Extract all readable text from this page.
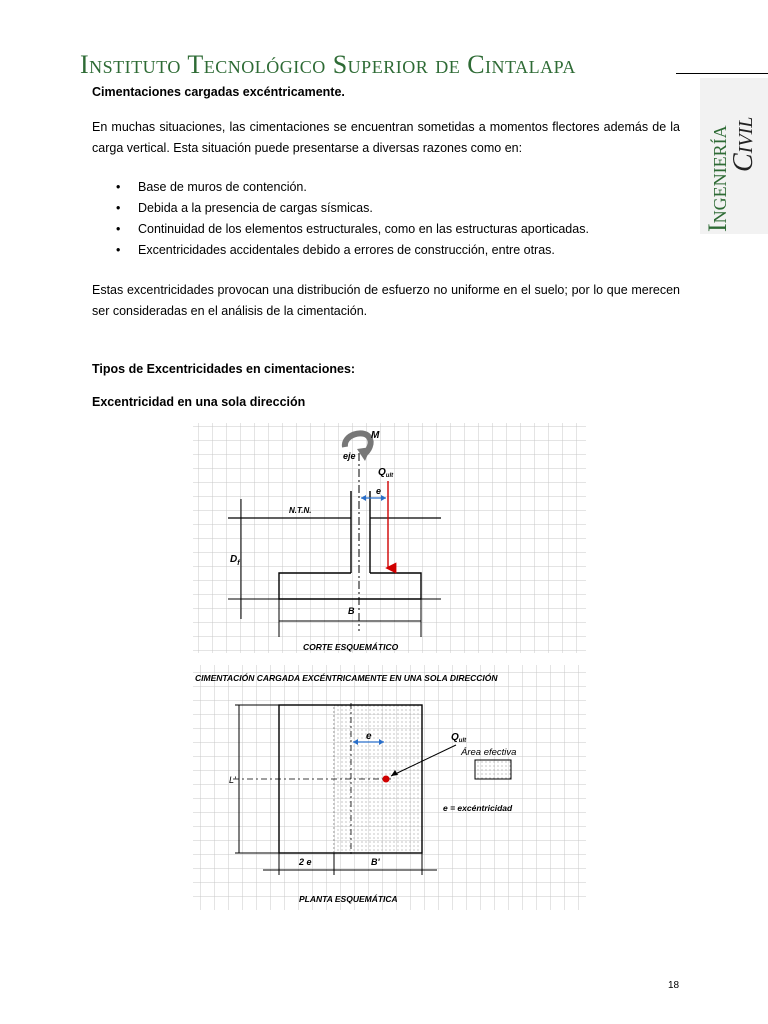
Instituto Tecnológico Superior de Cintalapa
Ingeniería
Civil
Cimentaciones cargadas excéntricamente.
En muchas situaciones, las cimentaciones se encuentran sometidas a momentos flectores además de la carga vertical. Esta situación puede presentarse a diversas razones como en:
• Base de muros de contención.
• Debida a la presencia de cargas sísmicas.
• Continuidad de los elementos estructurales, como en las estructuras aporticadas.
• Excentricidades accidentales debido a errores de construcción, entre otras.
Estas excentricidades provocan una distribución de esfuerzo no uniforme en el suelo; por lo que merecen ser consideradas en el análisis de la cimentación.
Tipos de Excentricidades en cimentaciones:
Excentricidad en una sola dirección
M
eje
$Q_{ult}$
e
N.T.N.
$D_f$
B
CORTE ESQUEMÁTICO
CIMENTACIÓN CARGADA EXCÉNTRICAMENTE EN UNA SOLA DIRECCIÓN
e	$Q_{ult}$
Área efectiva
e = excéntricidad
L'
2 e	B'
PLANTA ESQUEMÁTICA
18
